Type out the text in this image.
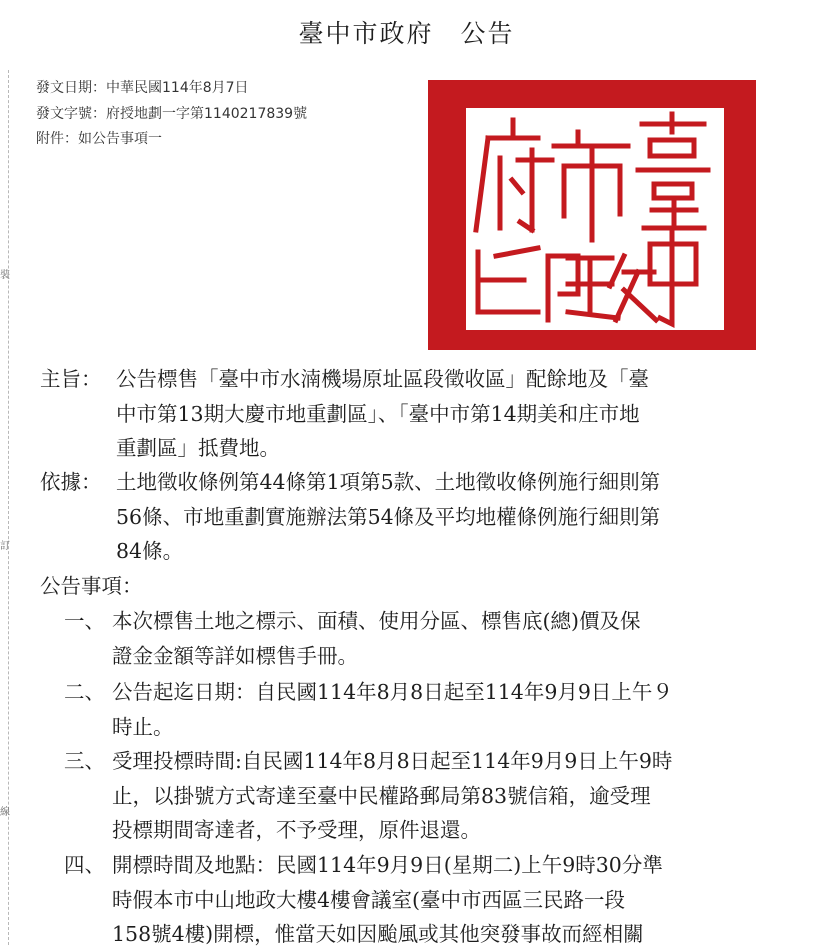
裝
訂
線
臺中市政府　公告
發文日期：中華民國114年8月7日
發文字號：府授地劃一字第1140217839號
附件：如公告事項一
主旨： 公告標售「臺中市水湳機場原址區段徵收區」配餘地及「臺
中市第13期大慶市地重劃區」、「臺中市第14期美和庄市地
重劃區」抵費地。
依據： 土地徵收條例第44條第1項第5款、土地徵收條例施行細則第
56條、市地重劃實施辦法第54條及平均地權條例施行細則第
84條。
公告事項：
一、 本次標售土地之標示、面積、使用分區、標售底(總)價及保
證金金額等詳如標售手冊。
二、 公告起迄日期：自民國114年8月8日起至114年9月9日上午９
時止。
三、 受理投標時間:自民國114年8月8日起至114年9月9日上午9時
止，以掛號方式寄達至臺中民權路郵局第83號信箱，逾受理
投標期間寄達者，不予受理，原件退還。
四、 開標時間及地點：民國114年9月9日(星期二)上午9時30分準
時假本市中山地政大樓4樓會議室(臺中市西區三民路一段
158號4樓)開標，惟當天如因颱風或其他突發事故而經相關
